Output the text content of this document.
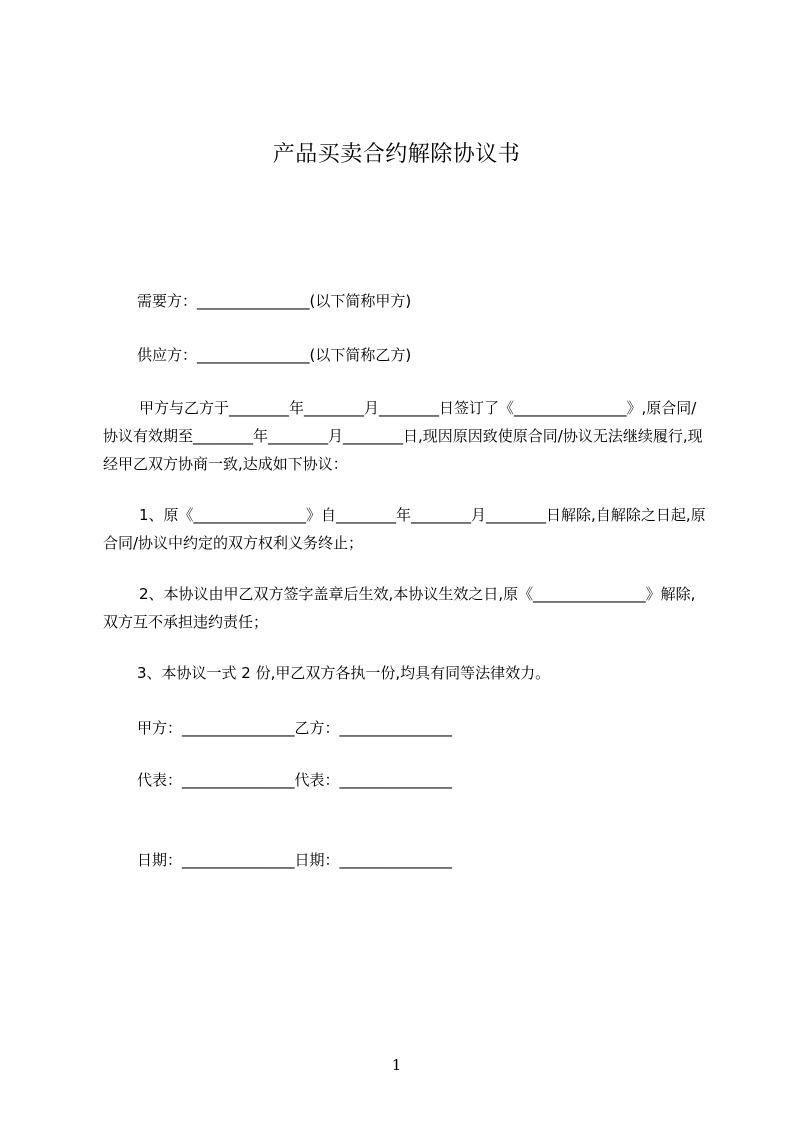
产品买卖合约解除协议书
需要方：_______________(以下简称甲方)
供应方：_______________(以下简称乙方)
甲方与乙方于________年________月________日签订了《_______________》,原合同/协议有效期至________年________月________日,现因原因致使原合同/协议无法继续履行,现经甲乙双方协商一致,达成如下协议：
1、原《_______________》自________年________月________日解除,自解除之日起,原合同/协议中约定的双方权利义务终止；
2、本协议由甲乙双方签字盖章后生效,本协议生效之日,原《_______________》解除,双方互不承担违约责任；
3、本协议一式 2 份,甲乙双方各执一份,均具有同等法律效力。
甲方：_______________乙方：_______________
代表：_______________代表：_______________
日期：_______________日期：_______________
1
